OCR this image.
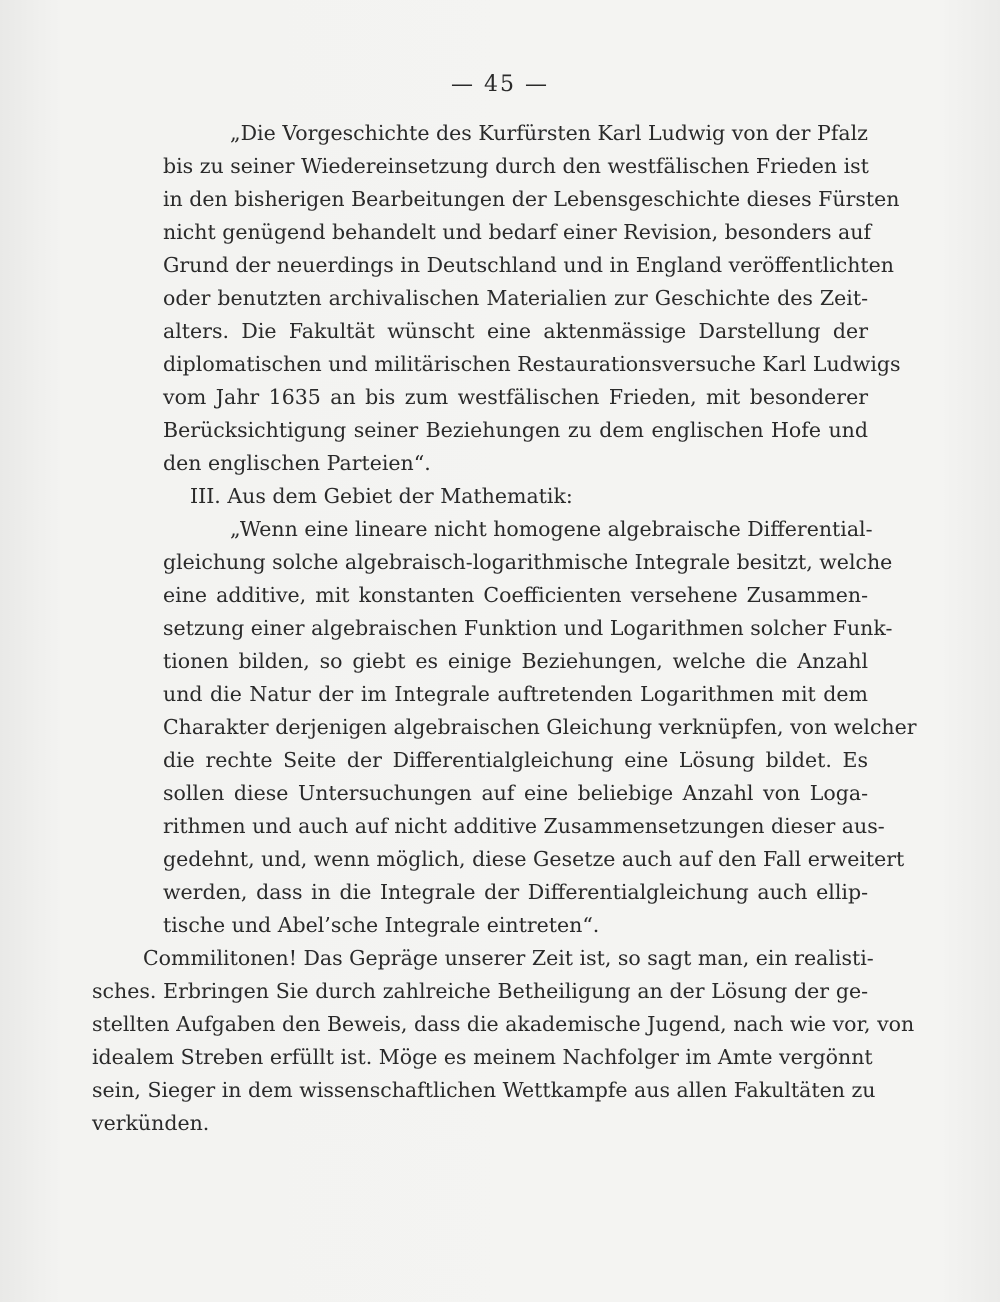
— 45 —
„Die Vorgeschichte des Kurfürsten Karl Ludwig von der Pfalz
bis zu seiner Wiedereinsetzung durch den westfälischen Frieden ist
in den bisherigen Bearbeitungen der Lebensgeschichte dieses Fürsten
nicht genügend behandelt und bedarf einer Revision, besonders auf
Grund der neuerdings in Deutschland und in England veröffentlichten
oder benutzten archivalischen Materialien zur Geschichte des Zeit-
alters. Die Fakultät wünscht eine aktenmässige Darstellung der
diplomatischen und militärischen Restaurationsversuche Karl Ludwigs
vom Jahr 1635 an bis zum westfälischen Frieden, mit besonderer
Berücksichtigung seiner Beziehungen zu dem englischen Hofe und
den englischen Parteien“.
III. Aus dem Gebiet der Mathematik:
„Wenn eine lineare nicht homogene algebraische Differential-
gleichung solche algebraisch-logarithmische Integrale besitzt, welche
eine additive, mit konstanten Coefficienten versehene Zusammen-
setzung einer algebraischen Funktion und Logarithmen solcher Funk-
tionen bilden, so giebt es einige Beziehungen, welche die Anzahl
und die Natur der im Integrale auftretenden Logarithmen mit dem
Charakter derjenigen algebraischen Gleichung verknüpfen, von welcher
die rechte Seite der Differentialgleichung eine Lösung bildet. Es
sollen diese Untersuchungen auf eine beliebige Anzahl von Loga-
rithmen und auch auf nicht additive Zusammensetzungen dieser aus-
gedehnt, und, wenn möglich, diese Gesetze auch auf den Fall erweitert
werden, dass in die Integrale der Differentialgleichung auch ellip-
tische und Abel’sche Integrale eintreten“.
Commilitonen! Das Gepräge unserer Zeit ist, so sagt man, ein realisti-
sches. Erbringen Sie durch zahlreiche Betheiligung an der Lösung der ge-
stellten Aufgaben den Beweis, dass die akademische Jugend, nach wie vor, von
idealem Streben erfüllt ist. Möge es meinem Nachfolger im Amte vergönnt
sein, Sieger in dem wissenschaftlichen Wettkampfe aus allen Fakultäten zu
verkünden.
